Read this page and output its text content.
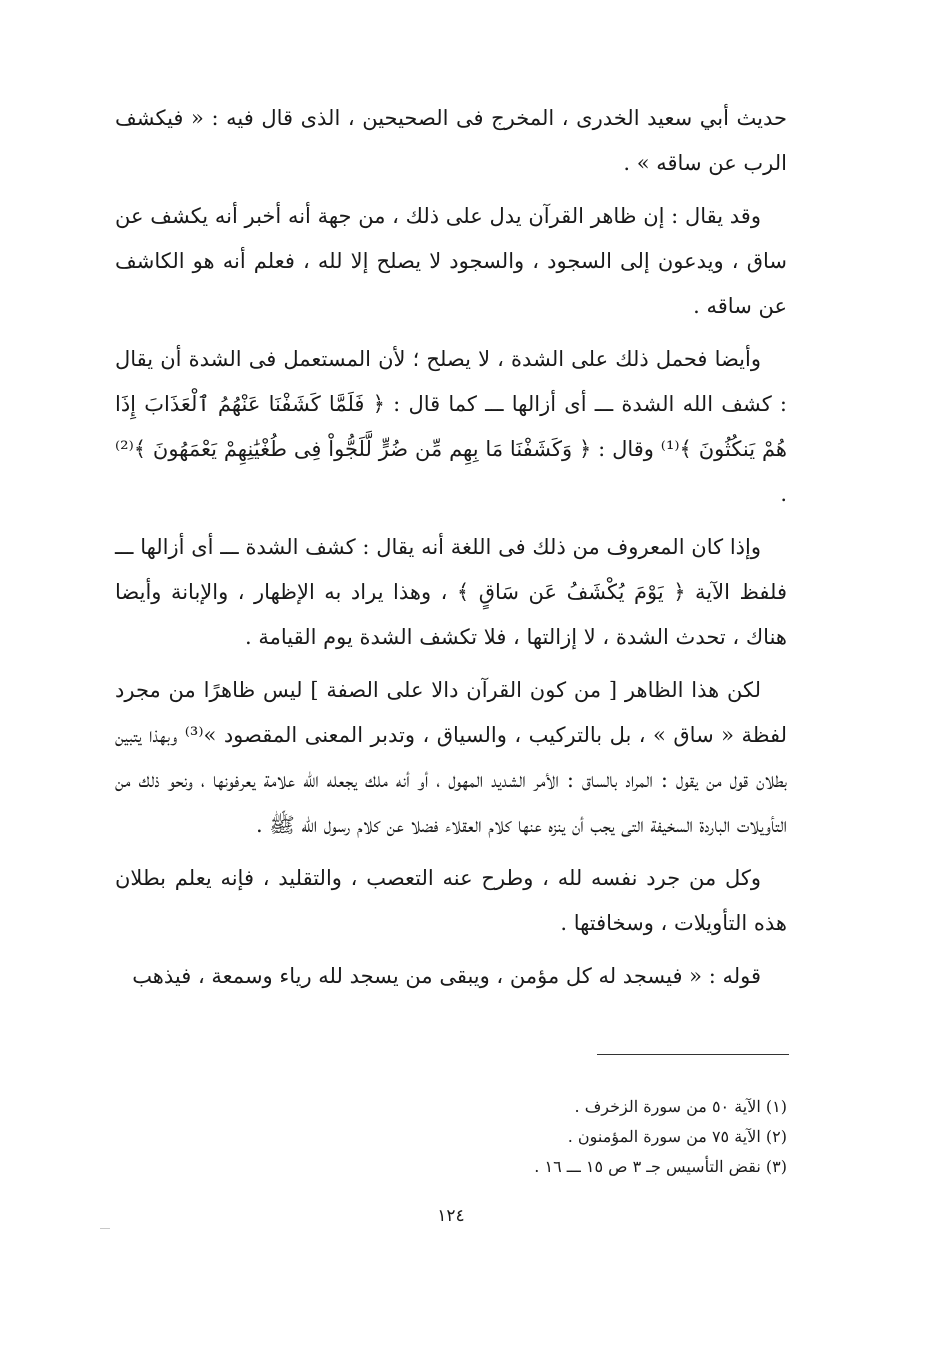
حديث أبي سعيد الخدرى ، المخرج فى الصحيحين ، الذى قال فيه : « فيكشف الرب عن ساقه » .

وقد يقال : إن ظاهر القرآن يدل على ذلك ، من جهة أنه أخبر أنه يكشف عن ساق ، ويدعون إلى السجود ، والسجود لا يصلح إلا لله ، فعلم أنه هو الكاشف عن ساقه .

وأيضا فحمل ذلك على الشدة ، لا يصلح ؛ لأن المستعمل فى الشدة أن يقال : كشف الله الشدة ـــ أى أزالها ـــ كما قال : ﴿ فَلَمَّا كَشَفْنَا عَنْهُمُ ٱلْعَذَابَ إِذَا هُمْ يَنكُثُونَ ﴾⁽¹⁾ وقال : ﴿ وَكَشَفْنَا مَا بِهِم مِّن ضُرٍّ لَّلَجُّواْ فِى طُغْيَٰنِهِمْ يَعْمَهُونَ ﴾⁽²⁾ .

وإذا كان المعروف من ذلك فى اللغة أنه يقال : كشف الشدة ـــ أى أزالها ـــ فلفظ الآية ﴿ يَوْمَ يُكْشَفُ عَن سَاقٍ ﴾ ، وهذا يراد به الإظهار ، والإبانة وأيضا هناك ، تحدث الشدة ، لا إزالتها ، فلا تكشف الشدة يوم القيامة .

لكن هذا الظاهر [ من كون القرآن دالا على الصفة ] ليس ظاهرًا من مجرد لفظة « ساق » ، بل بالتركيب ، والسياق ، وتدبر المعنى المقصود »⁽³⁾ وبهذا يتبين بطلان قول من يقول : المراد بالساق : الأمر الشديد المهول ، أو أنه ملك يجعله الله علامة يعرفونها ، ونحو ذلك من التأويلات الباردة السخيفة التى يجب أن ينزه عنها كلام العقلاء فضلا عن كلام رسول الله ﷺ .

وكل من جرد نفسه لله ، وطرح عنه التعصب ، والتقليد ، فإنه يعلم بطلان هذه التأويلات ، وسخافتها .

قوله : « فيسجد له كل مؤمن ، ويبقى من يسجد لله رياء وسمعة ، فيذهب

(١) الآية ٥٠ من سورة الزخرف .

(٢) الآية ٧٥ من سورة المؤمنون .

(٣) نقض التأسيس جـ ٣ ص ١٥ ـــ ١٦ .

١٢٤
